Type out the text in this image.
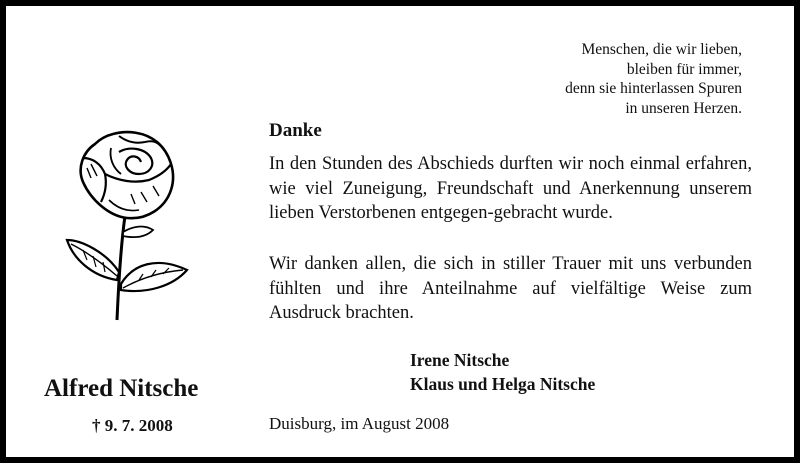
Menschen, die wir lieben,
bleiben für immer,
denn sie hinterlassen Spuren
in unseren Herzen.
Danke
In den Stunden des Abschieds durften wir noch einmal erfahren, wie viel Zuneigung, Freundschaft und Anerkennung unserem lieben Verstorbenen entgegen-gebracht wurde.
Wir danken allen, die sich in stiller Trauer mit uns verbunden fühlten und ihre Anteilnahme auf vielfältige Weise zum Ausdruck brachten.
Irene Nitsche
Klaus und Helga Nitsche
Duisburg, im August 2008
Alfred Nitsche
† 9. 7. 2008
